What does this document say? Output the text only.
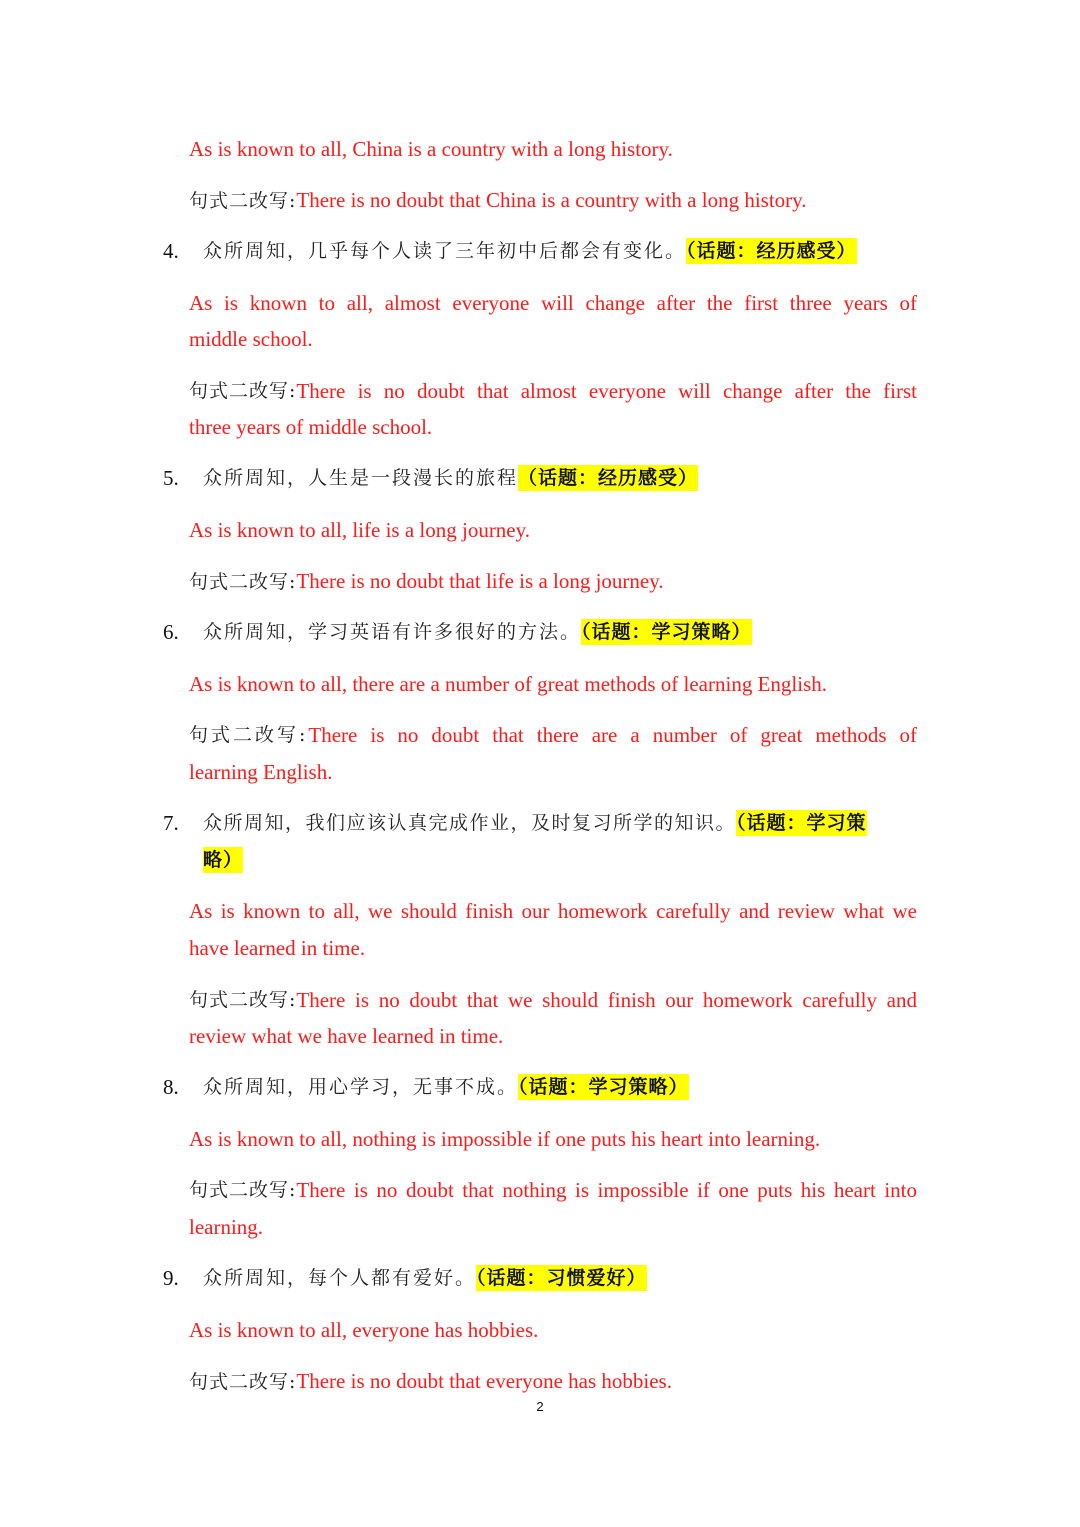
As is known to all, China is a country with a long history.
句式二改写:There is no doubt that China is a country with a long history.
4. 众所周知，几乎每个人读了三年初中后都会有变化。（话题：经历感受）
As is known to all, almost everyone will change after the first three years of
middle school.
句式二改写: There is no doubt that almost everyone will change after the first
three years of middle school.
5. 众所周知，人生是一段漫长的旅程（话题：经历感受）
As is known to all, life is a long journey.
句式二改写:There is no doubt that life is a long journey.
6. 众所周知，学习英语有许多很好的方法。（话题：学习策略）
As is known to all, there are a number of great methods of learning English.
句式二改写: There is no doubt that there are a number of great methods of
learning English.
7. 众所周知，我们应该认真完成作业，及时复习所学的知识。（话题：学习策
略）
As is known to all, we should finish our homework carefully and review what we
have learned in time.
句式二改写: There is no doubt that we should finish our homework carefully and
review what we have learned in time.
8. 众所周知，用心学习，无事不成。（话题：学习策略）
As is known to all, nothing is impossible if one puts his heart into learning.
句式二改写: There is no doubt that nothing is impossible if one puts his heart into
learning.
9. 众所周知，每个人都有爱好。（话题：习惯爱好）
As is known to all, everyone has hobbies.
句式二改写:There is no doubt that everyone has hobbies.
2
